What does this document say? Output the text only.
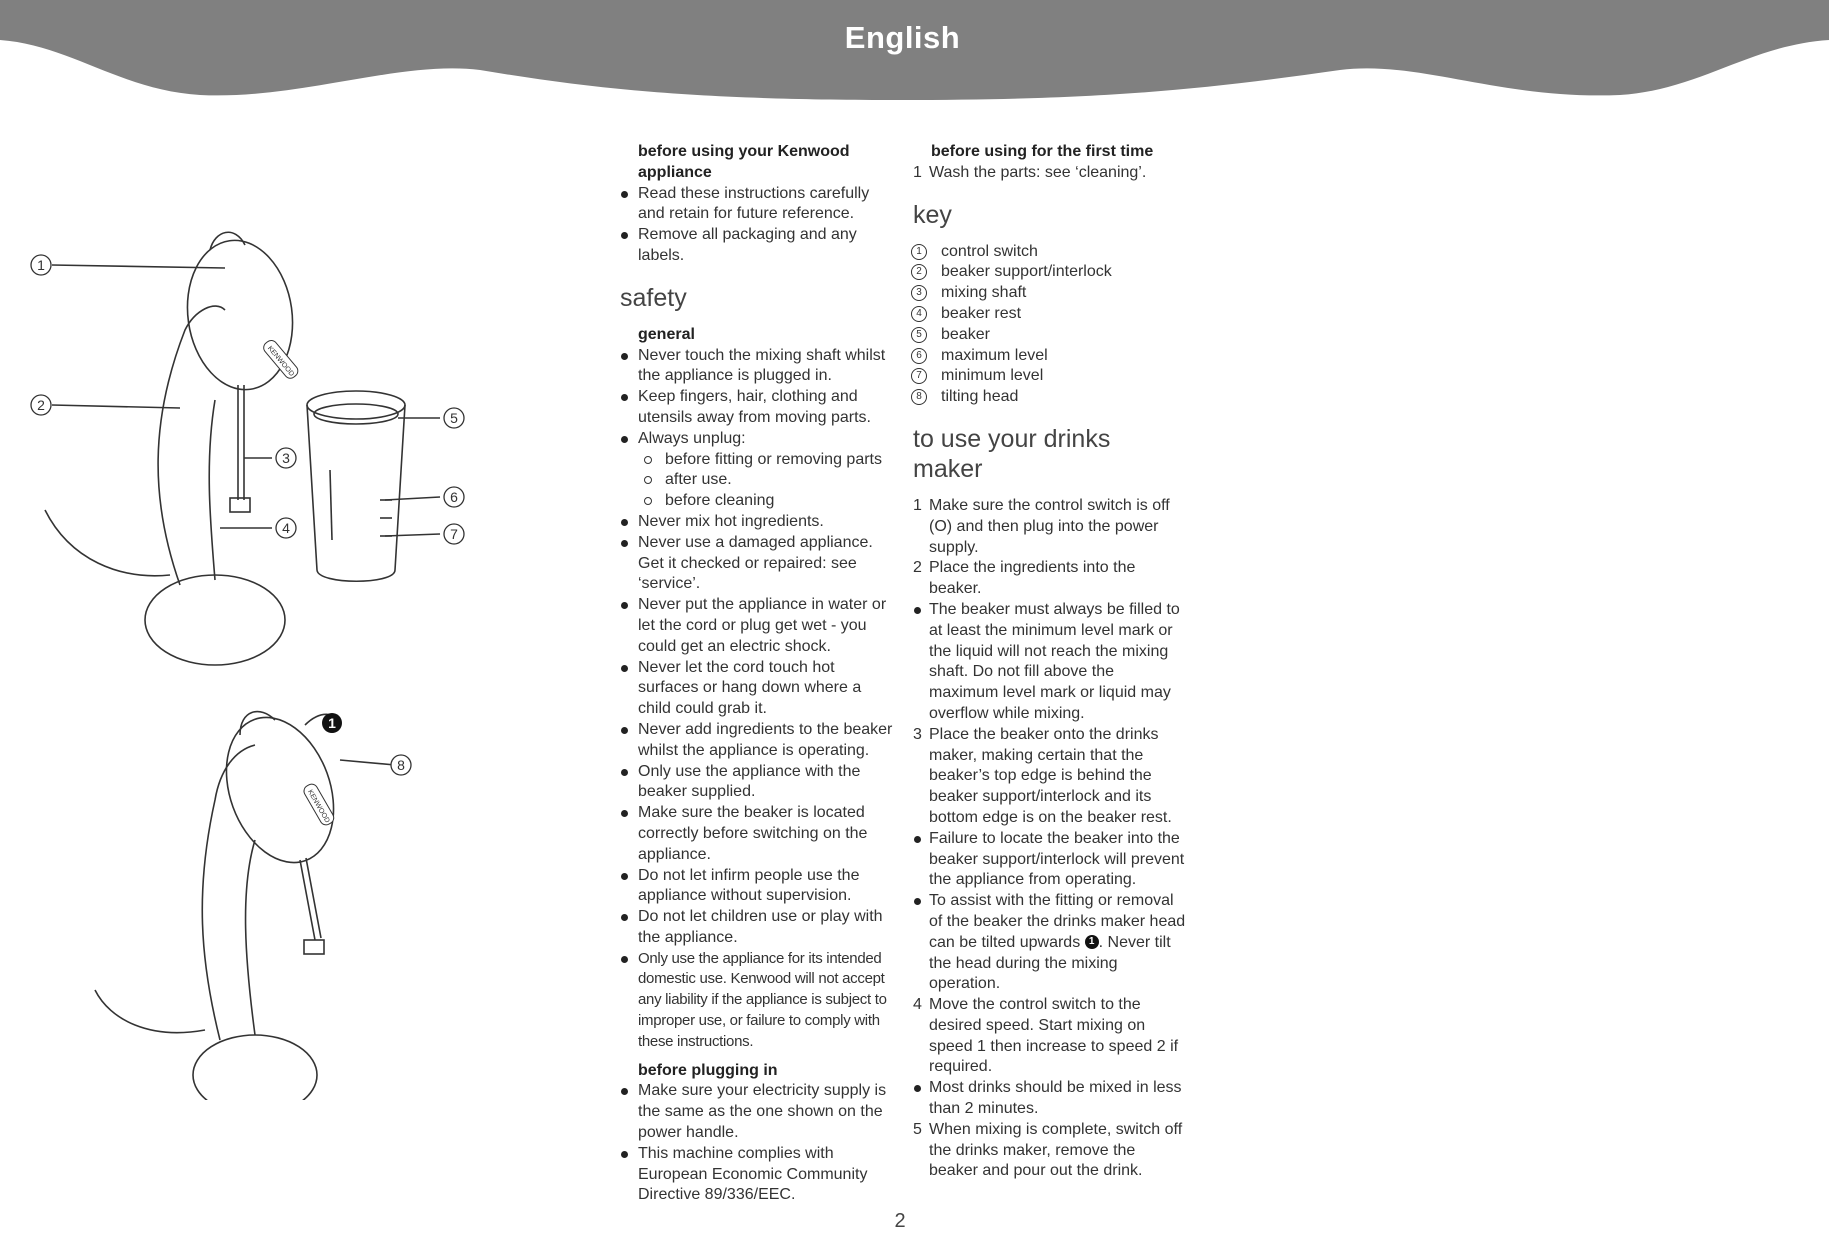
English
1
2
3
4
5
6
7
8
1
KENWOOD
KENWOOD

before using your Kenwood appliance

Read these instructions carefully and retain for future reference.
Remove all packaging and any labels.
safety

general

Never touch the mixing shaft whilst the appliance is plugged in.
Keep fingers, hair, clothing and utensils away from moving parts.
Always unplug:
before fitting or removing parts
after use.
before cleaning
Never mix hot ingredients.
Never use a damaged appliance. Get it checked or repaired: see ‘service’.
Never put the appliance in water or let the cord or plug get wet - you could get an electric shock.
Never let the cord touch hot surfaces or hang down where a child could grab it.
Never add ingredients to the beaker whilst the appliance is operating.
Only use the appliance with the beaker supplied.
Make sure the beaker is located correctly before switching on the appliance.
Do not let infirm people use the appliance without supervision.
Do not let children use or play with the appliance.
Only use the appliance for its intended domestic use. Kenwood will not accept any liability if the appliance is subject to improper use, or failure to comply with these instructions.

before plugging in

Make sure your electricity supply is the same as the one shown on the power handle.
This machine complies with European Economic Community Directive 89/336/EEC.

before using for the first time

1 Wash the parts: see ‘cleaning’.
key
1	control switch
2	beaker support/interlock
3	mixing shaft
4	beaker rest
5	beaker
6	maximum level
7	minimum level
8	tilting head
to use your drinks maker
1 Make sure the control switch is off (O) and then plug into the power supply.
2 Place the ingredients into the beaker.
The beaker must always be filled to at least the minimum level mark or the liquid will not reach the mixing shaft. Do not fill above the maximum level mark or liquid may overflow while mixing.
3 Place the beaker onto the drinks maker, making certain that the beaker’s top edge is behind the beaker support/interlock and its bottom edge is on the beaker rest.
Failure to locate the beaker into the beaker support/interlock will prevent the appliance from operating.
To assist with the fitting or removal of the beaker the drinks maker head can be tilted upwards 1 . Never tilt the head during the mixing operation.
4 Move the control switch to the desired speed. Start mixing on speed 1 then increase to speed 2 if required.
Most drinks should be mixed in less than 2 minutes.
5 When mixing is complete, switch off the drinks maker, remove the beaker and pour out the drink.
2
